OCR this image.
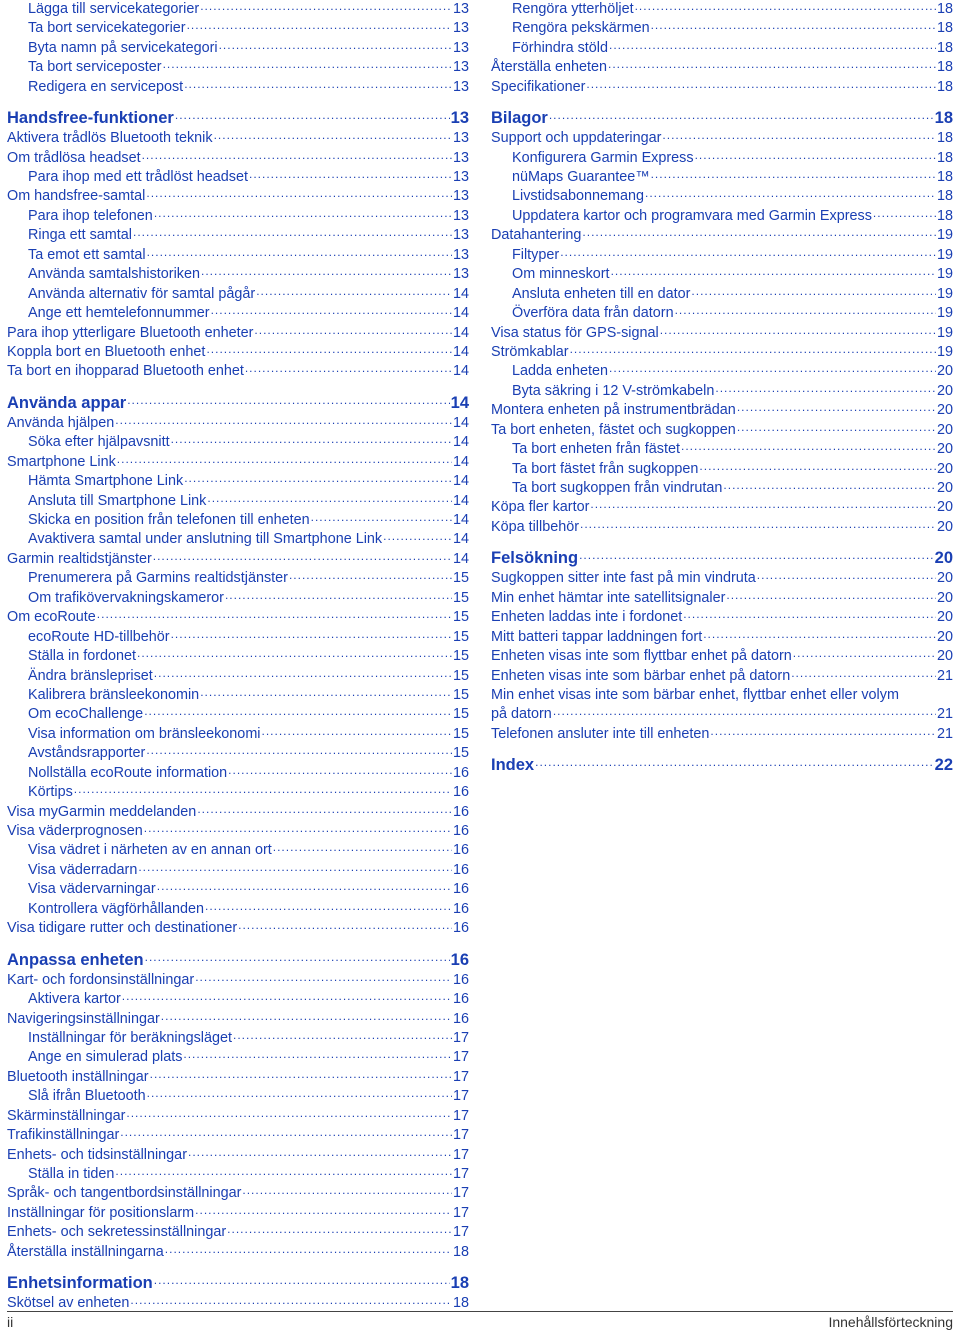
Lägga till servicekategorier .....	13
Ta bort servicekategorier .....	13
Byta namn på servicekategori .....	13
Ta bort serviceposter .....	13
Redigera en servicepost .....	13
Handsfree-funktioner .....	13
Aktivera trådlös Bluetooth teknik .....	13
Om trådlösa headset .....	13
Para ihop med ett trådlöst headset .....	13
Om handsfree-samtal .....	13
Para ihop telefonen .....	13
Ringa ett samtal .....	13
Ta emot ett samtal .....	13
Använda samtalshistoriken .....	13
Använda alternativ för samtal pågår .....	14
Ange ett hemtelefonnummer .....	14
Para ihop ytterligare Bluetooth enheter .....	14
Koppla bort en Bluetooth enhet .....	14
Ta bort en ihopparad Bluetooth enhet .....	14
Använda appar .....	14
Använda hjälpen .....	14
Söka efter hjälpavsnitt .....	14
Smartphone Link .....	14
Hämta Smartphone Link .....	14
Ansluta till Smartphone Link .....	14
Skicka en position från telefonen till enheten .....	14
Avaktivera samtal under anslutning till Smartphone Link .....	14
Garmin realtidstjänster .....	14
Prenumerera på Garmins realtidstjänster .....	15
Om trafikövervakningskameror .....	15
Om ecoRoute .....	15
ecoRoute HD-tillbehör .....	15
Ställa in fordonet .....	15
Ändra bränslepriset .....	15
Kalibrera bränsleekonomin .....	15
Om ecoChallenge .....	15
Visa information om bränsleekonomi .....	15
Avståndsrapporter .....	15
Nollställa ecoRoute information .....	16
Körtips .....	16
Visa myGarmin meddelanden .....	16
Visa väderprognosen .....	16
Visa vädret i närheten av en annan ort .....	16
Visa väderradarn .....	16
Visa vädervarningar .....	16
Kontrollera vägförhållanden .....	16
Visa tidigare rutter och destinationer .....	16
Anpassa enheten .....	16
Kart- och fordonsinställningar .....	16
Aktivera kartor .....	16
Navigeringsinställningar .....	16
Inställningar för beräkningsläget .....	17
Ange en simulerad plats .....	17
Bluetooth inställningar .....	17
Slå ifrån Bluetooth .....	17
Skärminställningar .....	17
Trafikinställningar .....	17
Enhets- och tidsinställningar .....	17
Ställa in tiden .....	17
Språk- och tangentbordsinställningar .....	17
Inställningar för positionslarm .....	17
Enhets- och sekretessinställningar .....	17
Återställa inställningarna .....	18
Enhetsinformation .....	18
Skötsel av enheten .....	18
Rengöra ytterhöljet .....	18
Rengöra pekskärmen .....	18
Förhindra stöld .....	18
Återställa enheten .....	18
Specifikationer .....	18
Bilagor .....	18
Support och uppdateringar .....	18
Konfigurera Garmin Express .....	18
nüMaps Guarantee™ .....	18
Livstidsabonnemang .....	18
Uppdatera kartor och programvara med Garmin Express .....	18
Datahantering .....	19
Filtyper .....	19
Om minneskort .....	19
Ansluta enheten till en dator .....	19
Överföra data från datorn .....	19
Visa status för GPS-signal .....	19
Strömkablar .....	19
Ladda enheten .....	20
Byta säkring i 12 V-strömkabeln .....	20
Montera enheten på instrumentbrädan .....	20
Ta bort enheten, fästet och sugkoppen .....	20
Ta bort enheten från fästet .....	20
Ta bort fästet från sugkoppen .....	20
Ta bort sugkoppen från vindrutan .....	20
Köpa fler kartor .....	20
Köpa tillbehör .....	20
Felsökning .....	20
Sugkoppen sitter inte fast på min vindruta .....	20
Min enhet hämtar inte satellitsignaler .....	20
Enheten laddas inte i fordonet .....	20
Mitt batteri tappar laddningen fort .....	20
Enheten visas inte som flyttbar enhet på datorn .....	20
Enheten visas inte som bärbar enhet på datorn .....	21
Min enhet visas inte som bärbar enhet, flyttbar enhet eller volym
på datorn .....	21
Telefonen ansluter inte till enheten .....	21
Index .....	22
ii	Innehållsförteckning
